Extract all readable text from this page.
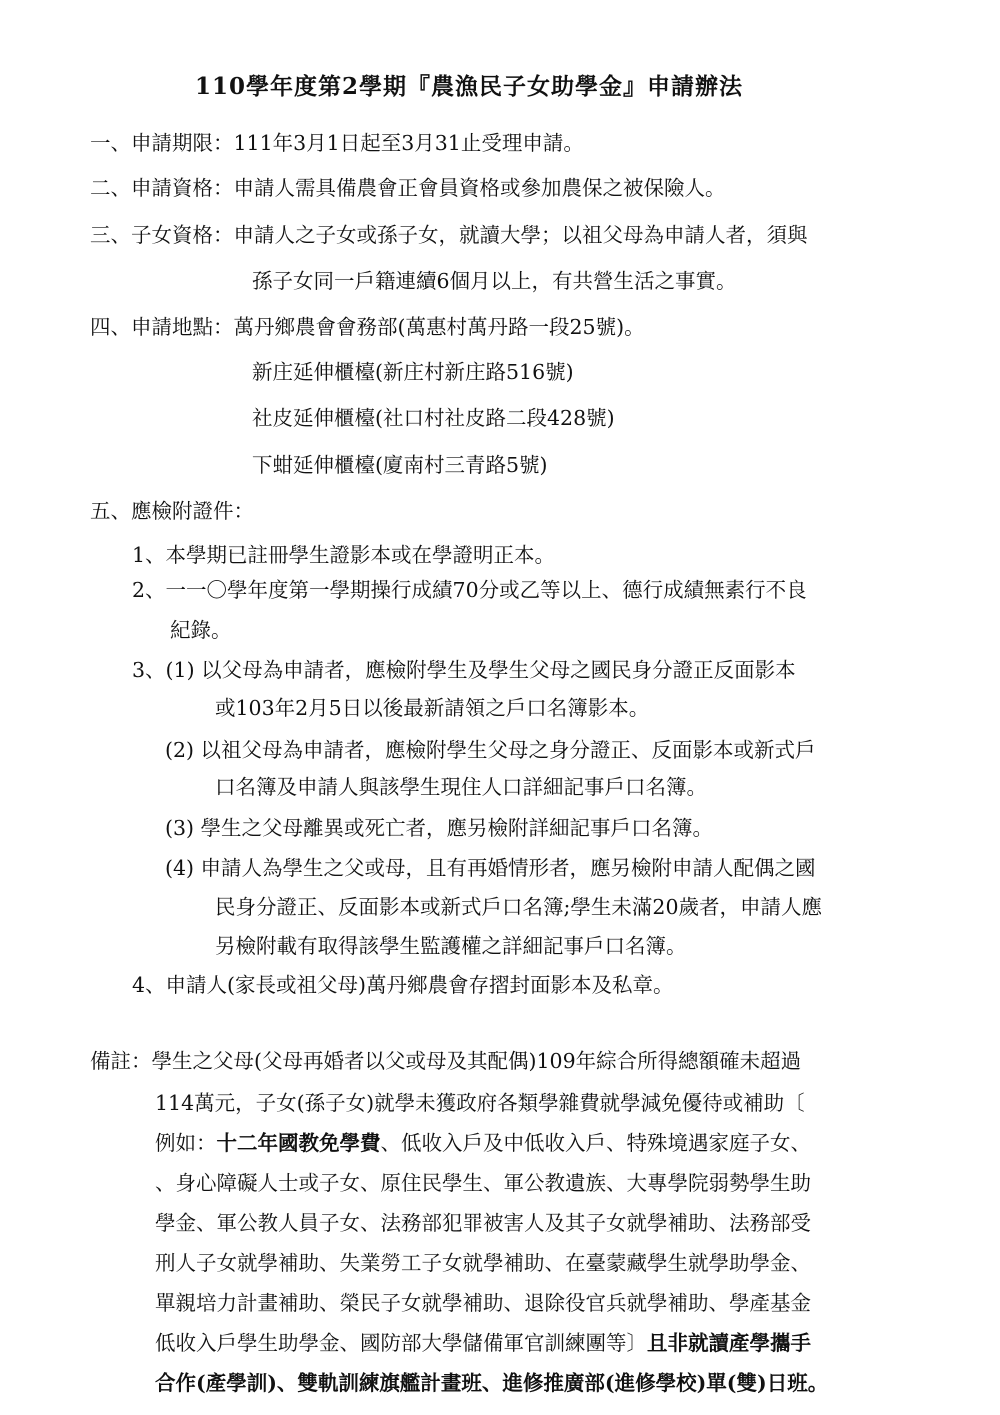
110學年度第2學期『農漁民子女助學金』申請辦法
一、申請期限：111年3月1日起至3月31止受理申請。
二、申請資格：申請人需具備農會正會員資格或參加農保之被保險人。
三、子女資格：申請人之子女或孫子女，就讀大學；以祖父母為申請人者，須與
孫子女同一戶籍連續6個月以上，有共營生活之事實。
四、申請地點：萬丹鄉農會會務部(萬惠村萬丹路一段25號)。
新庄延伸櫃檯(新庄村新庄路516號)
社皮延伸櫃檯(社口村社皮路二段428號)
下蚶延伸櫃檯(廈南村三青路5號)
五、應檢附證件：
1、本學期已註冊學生證影本或在學證明正本。
2、一一〇學年度第一學期操行成績70分或乙等以上、德行成績無素行不良
紀錄。
3、(1) 以父母為申請者，應檢附學生及學生父母之國民身分證正反面影本
或103年2月5日以後最新請領之戶口名簿影本。
(2) 以祖父母為申請者，應檢附學生父母之身分證正、反面影本或新式戶
口名簿及申請人與該學生現住人口詳細記事戶口名簿。
(3) 學生之父母離異或死亡者，應另檢附詳細記事戶口名簿。
(4) 申請人為學生之父或母，且有再婚情形者，應另檢附申請人配偶之國
民身分證正、反面影本或新式戶口名簿;學生未滿20歲者，申請人應
另檢附載有取得該學生監護權之詳細記事戶口名簿。
4、申請人(家長或祖父母)萬丹鄉農會存摺封面影本及私章。
備註：學生之父母(父母再婚者以父或母及其配偶)109年綜合所得總額確未超過
114萬元，子女(孫子女)就學未獲政府各類學雜費就學減免優待或補助〔
例如：十二年國教免學費、低收入戶及中低收入戶、特殊境遇家庭子女、
、身心障礙人士或子女、原住民學生、軍公教遺族、大專學院弱勢學生助
學金、軍公教人員子女、法務部犯罪被害人及其子女就學補助、法務部受
刑人子女就學補助、失業勞工子女就學補助、在臺蒙藏學生就學助學金、
單親培力計畫補助、榮民子女就學補助、退除役官兵就學補助、學產基金
低收入戶學生助學金、國防部大學儲備軍官訓練團等〕且非就讀產學攜手
合作(產學訓)、雙軌訓練旗艦計畫班、進修推廣部(進修學校)單(雙)日班。
